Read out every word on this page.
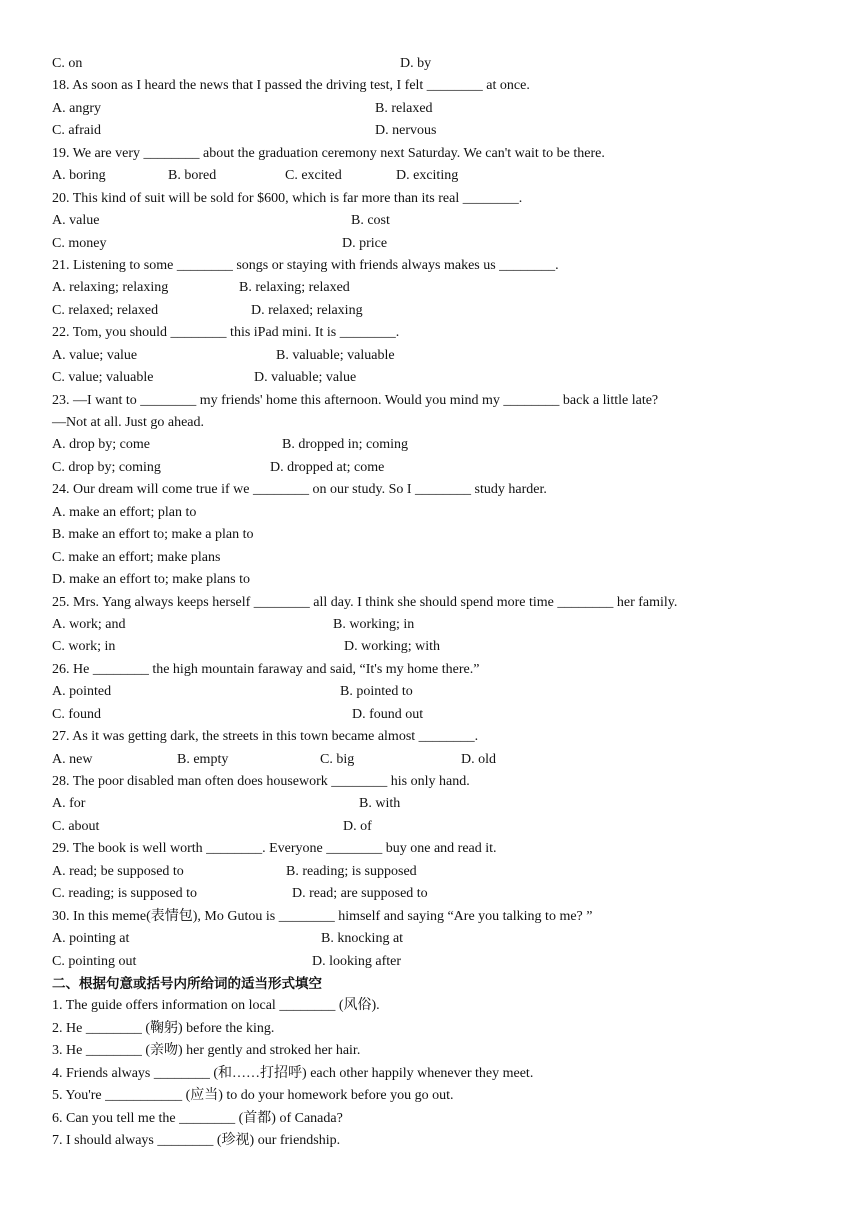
C. on	D. by
18. As soon as I heard the news that I passed the driving test, I felt ________ at once.
A. angry	B. relaxed
C. afraid	D. nervous
19. We are very ________ about the graduation ceremony next Saturday. We can't wait to be there.
A. boring	B. bored	C. excited	D. exciting
20. This kind of suit will be sold for $600, which is far more than its real ________.
A. value	B. cost
C. money	D. price
21. Listening to some ________ songs or staying with friends always makes us ________.
A. relaxing; relaxing	B. relaxing; relaxed
C. relaxed; relaxed	D. relaxed; relaxing
22. Tom, you should ________ this iPad mini. It is ________.
A. value; value	B. valuable; valuable
C. value; valuable	D. valuable; value
23. —I want to ________ my friends' home this afternoon. Would you mind my ________ back a little late?
—Not at all. Just go ahead.
A. drop by; come	B. dropped in; coming
C. drop by; coming	D. dropped at; come
24. Our dream will come true if we ________ on our study. So I ________ study harder.
A. make an effort; plan to
B. make an effort to; make a plan to
C. make an effort; make plans
D. make an effort to; make plans to
25. Mrs. Yang always keeps herself ________ all day. I think she should spend more time ________ her family.
A. work; and	B. working; in
C. work; in	D. working; with
26. He ________ the high mountain faraway and said, “It's my home there.”
A. pointed	B. pointed to
C. found	D. found out
27. As it was getting dark, the streets in this town became almost ________.
A. new	B. empty	C. big	D. old
28. The poor disabled man often does housework ________ his only hand.
A. for	B. with
C. about	D. of
29. The book is well worth ________. Everyone ________ buy one and read it.
A. read; be supposed to	B. reading; is supposed
C. reading; is supposed to	D. read; are supposed to
30. In this meme(表情包), Mo Gutou is ________ himself and saying “Are you talking to me? ”
A. pointing at	B. knocking at
C. pointing out	D. looking after
二、根据句意或括号内所给词的适当形式填空
1. The guide offers information on local ________ (风俗).
2. He ________ (鞠躬) before the king.
3. He ________ (亲吻) her gently and stroked her hair.
4. Friends always ________ (和……打招呼) each other happily whenever they meet.
5. You're ___________ (应当) to do your homework before you go out.
6. Can you tell me the ________ (首都) of Canada?
7. I should always ________ (珍视) our friendship.
